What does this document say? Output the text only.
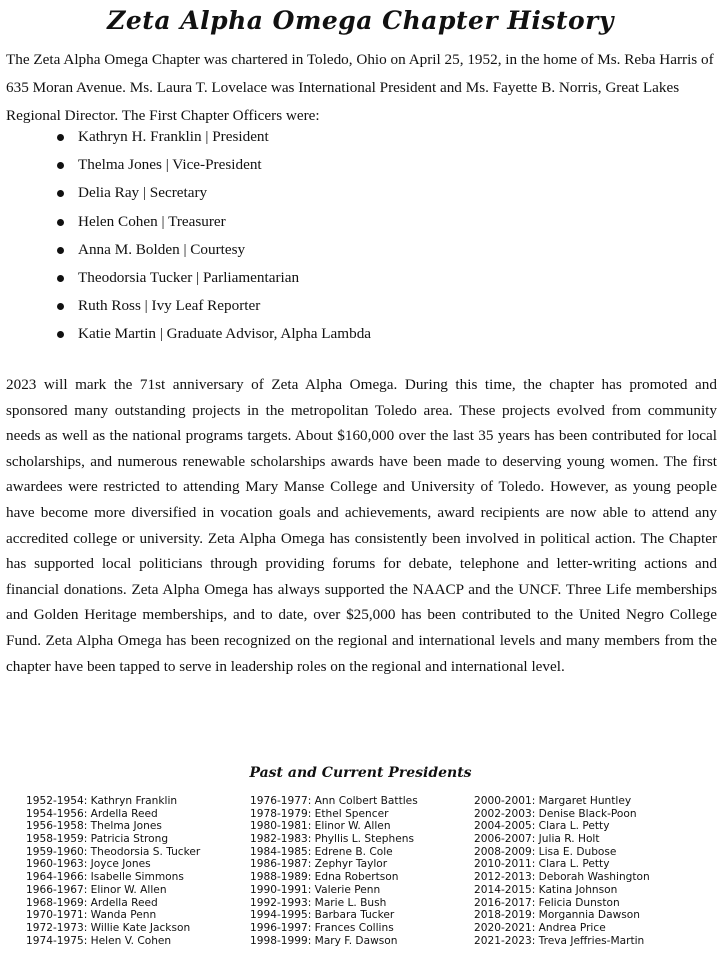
Zeta Alpha Omega Chapter History

The Zeta Alpha Omega Chapter was chartered in Toledo, Ohio on April 25, 1952, in the home of Ms. Reba Harris of 635 Moran Avenue. Ms. Laura T. Lovelace was International President and Ms. Fayette B. Norris, Great Lakes Regional Director. The First Chapter Officers were:

Kathryn H. Franklin | President
Thelma Jones | Vice-President
Delia Ray | Secretary
Helen Cohen | Treasurer
Anna M. Bolden | Courtesy
Theodorsia Tucker | Parliamentarian
Ruth Ross | Ivy Leaf Reporter
Katie Martin | Graduate Advisor, Alpha Lambda

2023 will mark the 71st anniversary of Zeta Alpha Omega. During this time, the chapter has promoted and sponsored many outstanding projects in the metropolitan Toledo area. These projects evolved from community needs as well as the national programs targets. About $160,000 over the last 35 years has been contributed for local scholarships, and numerous renewable scholarships awards have been made to deserving young women. The first awardees were restricted to attending Mary Manse College and University of Toledo. However, as young people have become more diversified in vocation goals and achievements, award recipients are now able to attend any accredited college or university. Zeta Alpha Omega has consistently been involved in political action. The Chapter has supported local politicians through providing forums for debate, telephone and letter-writing actions and financial donations. Zeta Alpha Omega has always supported the NAACP and the UNCF. Three Life memberships and Golden Heritage memberships, and to date, over $25,000 has been contributed to the United Negro College Fund. Zeta Alpha Omega has been recognized on the regional and international levels and many members from the chapter have been tapped to serve in leadership roles on the regional and international level.

Past and Current Presidents
1952-1954: Kathryn Franklin
1954-1956: Ardella Reed
1956-1958: Thelma Jones
1958-1959: Patricia Strong
1959-1960: Theodorsia S. Tucker
1960-1963: Joyce Jones
1964-1966: Isabelle Simmons
1966-1967: Elinor W. Allen
1968-1969: Ardella Reed
1970-1971: Wanda Penn
1972-1973: Willie Kate Jackson
1974-1975: Helen V. Cohen
1976-1977: Ann Colbert Battles
1978-1979: Ethel Spencer
1980-1981: Elinor W. Allen
1982-1983: Phyllis L. Stephens
1984-1985: Edrene B. Cole
1986-1987: Zephyr Taylor
1988-1989: Edna Robertson
1990-1991: Valerie Penn
1992-1993: Marie L. Bush
1994-1995: Barbara Tucker
1996-1997: Frances Collins
1998-1999: Mary F. Dawson
2000-2001: Margaret Huntley
2002-2003: Denise Black-Poon
2004-2005: Clara L. Petty
2006-2007: Julia R. Holt
2008-2009: Lisa E. Dubose
2010-2011: Clara L. Petty
2012-2013: Deborah Washington
2014-2015: Katina Johnson
2016-2017: Felicia Dunston
2018-2019: Morgannia Dawson
2020-2021: Andrea Price
2021-2023: Treva Jeffries-Martin
